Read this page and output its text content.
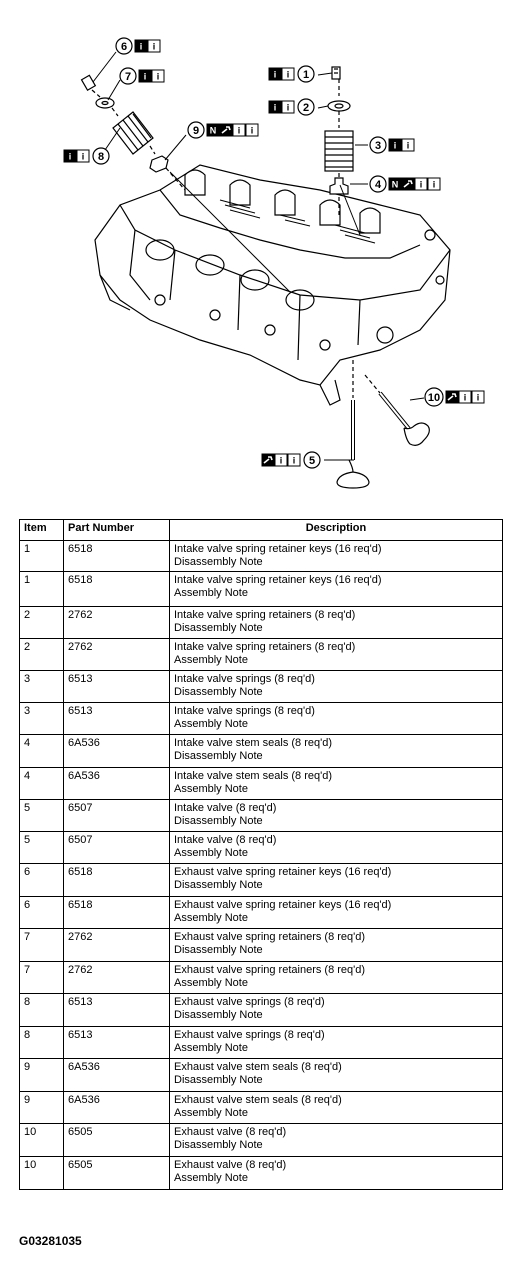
1
i i
2
i i
3 i i
4 N i i
5
i i
6 i i
7 i i
8
i i
9 N i i
10	i i
Item	Part Number	Description
1	6518	Intake valve spring retainer keys (16 req'd)
Disassembly Note

1	6518	Intake valve spring retainer keys (16 req'd)
Assembly Note

2	2762	Intake valve spring retainers (8 req'd)
Disassembly Note

2	2762	Intake valve spring retainers (8 req'd)
Assembly Note

3	6513	Intake valve springs (8 req'd)
Disassembly Note

3	6513	Intake valve springs (8 req'd)
Assembly Note

4	6A536	Intake valve stem seals (8 req'd)
Disassembly Note

4	6A536	Intake valve stem seals (8 req'd)
Assembly Note

5	6507	Intake valve (8 req'd)
Disassembly Note

5	6507	Intake valve (8 req'd)
Assembly Note

6	6518	Exhaust valve spring retainer keys (16 req'd)
Disassembly Note

6	6518	Exhaust valve spring retainer keys (16 req'd)
Assembly Note

7	2762	Exhaust valve spring retainers (8 req'd)
Disassembly Note

7	2762	Exhaust valve spring retainers (8 req'd)
Assembly Note

8	6513	Exhaust valve springs (8 req'd)
Disassembly Note

8	6513	Exhaust valve springs (8 req'd)
Assembly Note

9	6A536	Exhaust valve stem seals (8 req'd)
Disassembly Note

9	6A536	Exhaust valve stem seals (8 req'd)
Assembly Note

10	6505	Exhaust valve (8 req'd)
Disassembly Note

10	6505	Exhaust valve (8 req'd)
Assembly Note
G03281035
